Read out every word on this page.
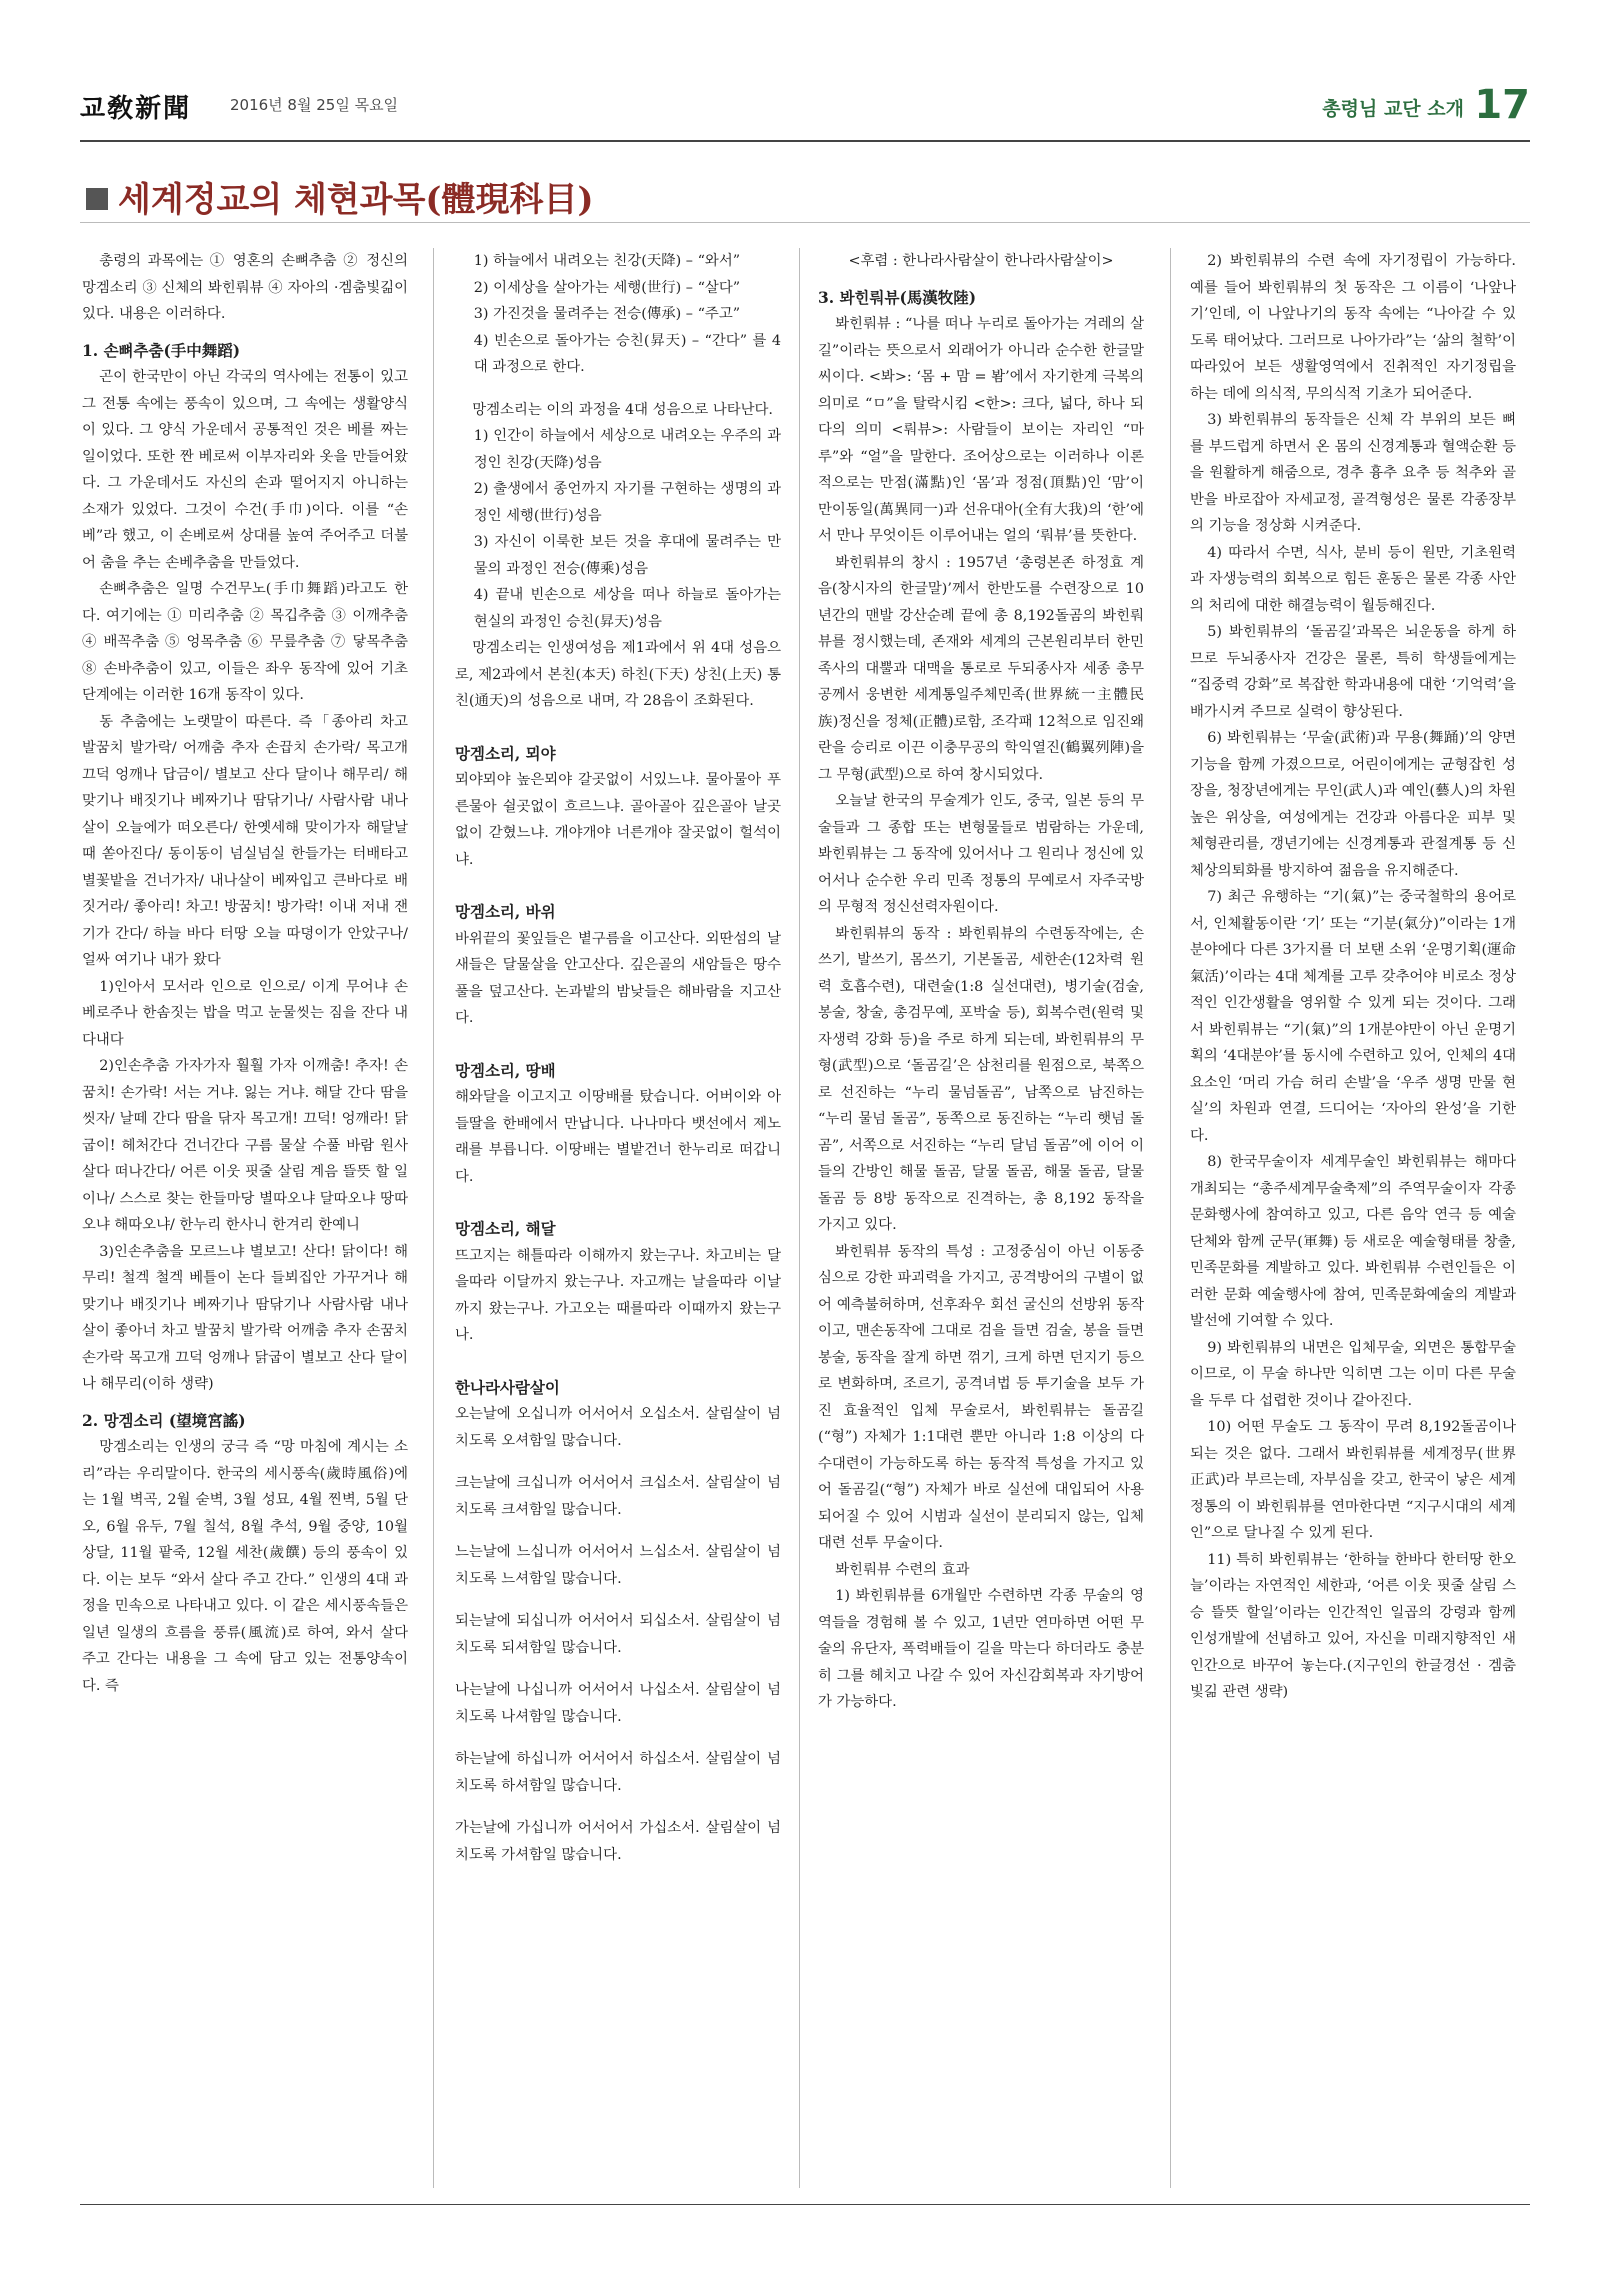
교敎新聞	2016년 8월 25일 목요일	총령님 교단 소개 17
세계정교의 체현과목(體現科目)

총령의 과목에는 ① 영혼의 손뼈추춤 ② 정신의 망겜소리 ③ 신체의 봐힌뤄뷰 ④ 자아의 ·겜춤빛긺이 있다. 내용은 이러하다.

1. 손뼈추춤(手中舞蹈)

곤이 한국만이 아닌 각국의 역사에는 전통이 있고 그 전통 속에는 풍속이 있으며, 그 속에는 생활양식이 있다. 그 양식 가운데서 공통적인 것은 베를 짜는 일이었다. 또한 짠 베로써 이부자리와 옷을 만들어왔다. 그 가운데서도 자신의 손과 떨어지지 아니하는 소재가 있었다. 그것이 수건(手巾)이다. 이를 “손베”라 했고, 이 손베로써 상대를 높여 주어주고 더불어 춤을 추는 손베추춤을 만들었다.

손뼈추춤은 일명 수건무노(手巾舞蹈)라고도 한다. 여기에는 ① 미리추춤 ② 목깁추춤 ③ 이깨추춤 ④ 배꼭추춤 ⑤ 엉목추춤 ⑥ 무릎추춤 ⑦ 닿목추춤 ⑧ 손바추춤이 있고, 이들은 좌우 동작에 있어 기초단계에는 이러한 16개 동작이 있다.

동 추춤에는 노랫말이 따른다. 즉「종아리 차고 발꿈치 발가락/ 어깨춤 추자 손끕치 손가락/ 목고개 끄덕 엉깨나 답금이/ 별보고 산다 달이나 해무리/ 해맞기나 배짓기나 베짜기나 땀닦기나/ 사람사람 내나살이 오늘에가 떠오른다/ 한옛세해 맞이가자 해달날때 쏟아진다/ 동이동이 넘실넘실 한들가는 터배타고 별꽃밭을 건너가자/ 내나살이 베짜입고 큰바다로 배짓거라/ 좋아리! 차고! 방꿈치! 방가락! 이내 저내 잰기가 간다/ 하늘 바다 터땅 오늘 따뎡이가 안았구나/ 얼싸 여기나 내가 왔다

1)인아서 모서라 인으로 인으로/ 이게 무어냐 손베로주나 한솜짓는 밥을 먹고 눈물씻는 짐을 잔다 내다내다

2)인손추춤 가자가자 훨훨 가자 이깨춤! 추자! 손꿈치! 손가락! 서는 거냐. 잃는 거냐. 해달 간다 땀을 씻자/ 날떼 간다 땀을 닦자 목고개! 끄덕! 엉깨라! 닭굽이! 헤처간다 건너간다 구름 물살 수풀 바람 원사살다 떠나간다/ 어른 이웃 핏줄 살림 계음 뜰뜻 할 일이나/ 스스로 찾는 한들마당 별따오냐 달따오냐 땅따오냐 해따오냐/ 한누리 한사니 한겨리 한예니

3)인손추춤을 모르느냐 별보고! 산다! 닭이다! 해무리! 철겍 철겍 베틀이 논다 들뵈집안 가꾸거나 해맞기나 배짓기나 베짜기나 땀닦기나 사람사람 내나살이 좋아너 차고 발꿈치 발가락 어깨춤 추자 손꿈치 손가락 목고개 끄덕 엉깨나 닭굽이 별보고 산다 달이나 해무리(이하 생략)

2. 망겜소리 (望境宮謠)

망겜소리는 인생의 궁극 즉 “망 마침에 계시는 소리”라는 우리말이다. 한국의 세시풍속(歲時風俗)에는 1월 벽곡, 2월 숟벽, 3월 성묘, 4월 찐벽, 5월 단오, 6월 유두, 7월 칠석, 8월 추석, 9월 중양, 10월 상달, 11월 팥죽, 12월 세찬(歲饌) 등의 풍속이 있다. 이는 보두 “와서 살다 주고 간다.” 인생의 4대 과정을 민속으로 나타내고 있다. 이 같은 세시풍속들은 일년 일생의 흐름을 풍류(風流)로 하여, 와서 살다 주고 간다는 내용을 그 속에 담고 있는 전통양속이다. 즉

1) 하늘에서 내려오는 친강(天降) – “와서”

2) 이세상을 살아가는 세행(世行) – “살다”

3) 가진것을 물려주는 전승(傳承) – “주고”

4) 빈손으로 돌아가는 승친(昇天) – “간다” 를 4대 과정으로 한다.

망겜소리는 이의 과정을 4대 성음으로 나타난다.

1) 인간이 하늘에서 세상으로 내려오는 우주의 과정인 친강(天降)성음

2) 출생에서 종언까지 자기를 구현하는 생명의 과정인 세행(世行)성음

3) 자신이 이룩한 보든 것을 후대에 물려주는 만물의 과정인 전승(傳乘)성음

4) 끝내 빈손으로 세상을 떠나 하늘로 돌아가는 현실의 과정인 승친(昇天)성음

망겜소리는 인생여성음 제1과에서 위 4대 성음으로, 제2과에서 본친(本天) 하친(下天) 상친(上天) 통친(通天)의 성음으로 내며, 각 28음이 조화된다.

망겜소리, 뫼야

뫼야뫼야 높은뫼야 갈곳없이 서있느냐. 물아물아 푸른물아 쉴곳없이 흐르느냐. 골아골아 깊은골아 날곳없이 갇혔느냐. 개야개야 너른개야 잘곳없이 헐석이냐.

망겜소리, 바위

바위끝의 꽃잎들은 볕구름을 이고산다. 외딴섬의 날새들은 달물살을 안고산다. 깊은골의 새암들은 땅수풀을 덮고산다. 논과밭의 밤낮들은 해바람을 지고산다.

망겜소리, 땅배

해와달을 이고지고 이땅배를 탔습니다. 어버이와 아들딸을 한배에서 만납니다. 나나마다 뱃선에서 제노래를 부릅니다. 이땅배는 별밭건너 한누리로 떠갑니다.

망겜소리, 해달

뜨고지는 해틀따라 이해까지 왔는구나. 차고비는 달을따라 이달까지 왔는구나. 자고깨는 날을따라 이날까지 왔는구나. 가고오는 때를따라 이때까지 왔는구나.

한나라사람살이

오는날에 오십니까 어서어서 오십소서. 살림살이 넘치도록 오셔함일 많습니다.

크는날에 크십니까 어서어서 크십소서. 살림살이 넘치도록 크셔함일 많습니다.

느는날에 느십니까 어서어서 느십소서. 살림살이 넘치도록 느셔함일 많습니다.

되는날에 되십니까 어서어서 되십소서. 살림살이 넘치도록 되셔함일 많습니다.

나는날에 나십니까 어서어서 나십소서. 살림살이 넘치도록 나셔함일 많습니다.

하는날에 하십니까 어서어서 하십소서. 살림살이 넘치도록 하셔함일 많습니다.

가는날에 가십니까 어서어서 가십소서. 살림살이 넘치도록 가셔함일 많습니다.

<후렴 : 한나라사람살이 한나라사람살이>

3. 봐힌뤄뷰(馬漢牧陸)

봐힌뤄뷰 : “나를 떠나 누리로 돌아가는 겨레의 살길”이라는 뜻으로서 외래어가 아니라 순수한 한글말씨이다. <봐>: ‘몸 + 맘 = 봠’에서 자기한계 극복의 의미로 “ㅁ”을 탈락시킴 <한>: 크다, 넓다, 하나 되다의 의미 <뤄뷰>: 사람들이 보이는 자리인 “마루”와 “얼”을 말한다. 조어상으로는 이러하나 이론적으로는 만점(滿點)인 ‘몸’과 정점(頂點)인 ‘맘’이 만이동일(萬異同一)과 선유대아(全有大我)의 ‘한’에서 만나 무엇이든 이루어내는 얼의 ‘뤄뷰’를 뜻한다.

봐힌뤄뷰의 창시 : 1957년 ‘총령본존 하정효 계음(창시자의 한글말)’께서 한반도를 수련장으로 10년간의 맨발 강산순례 끝에 총 8,192돌곰의 봐힌뤄뷰를 정시했는데, 존재와 세계의 근본원리부터 한민족사의 대뿔과 대맥을 통로로 두되종사자 세종 총무공께서 웅변한 세계통일주체민족(世界統一主體民族)정신을 정체(正體)로함, 조각패 12척으로 임진왜란을 승리로 이끈 이충무공의 학익열진(鶴翼列陣)을 그 무형(武型)으로 하여 창시되었다.

오늘날 한국의 무술계가 인도, 중국, 일본 등의 무술들과 그 종합 또는 변형물들로 범람하는 가운데, 봐힌뤄뷰는 그 동작에 있어서나 그 원리나 정신에 있어서나 순수한 우리 민족 정통의 무예로서 자주국방의 무형적 정신선력자원이다.

봐힌뤄뷰의 동작 : 봐힌뤄뷰의 수련동작에는, 손쓰기, 발쓰기, 몸쓰기, 기본돌곰, 세한손(12차력 원력 호흡수련), 대련술(1:8 실선대련), 병기술(검술, 봉술, 창술, 총검무예, 포박술 등), 회복수련(원력 및 자생력 강화 등)을 주로 하게 되는데, 봐힌뤄뷰의 무형(武型)으로 ‘돌곰길’은 삼천리를 원점으로, 북쪽으로 선진하는 “누리 물넘돌곰”, 남쪽으로 남진하는 “누리 물넘 돌곰”, 동쪽으로 동진하는 “누리 햇넘 돌곰”, 서쪽으로 서진하는 “누리 달넘 돌곰”에 이어 이들의 간방인 해물 돌곰, 달물 돌곰, 해물 돌곰, 달물 돌곰 등 8방 동작으로 진격하는, 총 8,192 동작을 가지고 있다.

봐힌뤄뷰 동작의 특성 : 고정중심이 아닌 이동중심으로 강한 파괴력을 가지고, 공격방어의 구별이 없어 예측불허하며, 선후좌우 회선 굴신의 선방위 동작이고, 맨손동작에 그대로 검을 들면 검술, 봉을 들면 봉술, 동작을 잘게 하면 꺾기, 크게 하면 던지기 등으로 변화하며, 조르기, 공격녀법 등 투기술을 보두 가진 효율적인 입체 무술로서, 봐힌뤄뷰는 돌곰길(“형”) 자체가 1:1대련 뿐만 아니라 1:8 이상의 다수대련이 가능하도록 하는 동작적 특성을 가지고 있어 돌곰길(“형”) 자체가 바로 실선에 대입되어 사용되어질 수 있어 시범과 실선이 분리되지 않는, 입체 대련 선투 무술이다.

봐힌뤄뷰 수련의 효과

1) 봐힌뤄뷰를 6개월만 수련하면 각종 무술의 영역들을 경험해 볼 수 있고, 1년만 연마하면 어떤 무술의 유단자, 폭력배들이 길을 막는다 하더라도 충분히 그를 헤치고 나갈 수 있어 자신감회복과 자기방어가 가능하다.

2) 봐힌뤄뷰의 수련 속에 자기정립이 가능하다. 예를 들어 봐힌뤄뷰의 첫 동작은 그 이름이 ‘나앞나기’인데, 이 나앞나기의 동작 속에는 “나아갈 수 있도록 태어났다. 그러므로 나아가라”는 ‘삶의 철학’이 따라있어 보든 생활영역에서 진취적인 자기정립을 하는 데에 의식적, 무의식적 기초가 되어준다.

3) 봐힌뤄뷰의 동작들은 신체 각 부위의 보든 뼈를 부드럽게 하면서 온 몸의 신경계통과 혈액순환 등을 원활하게 해줌으로, 경추 흉추 요추 등 척추와 골반을 바로잡아 자세교정, 골격형성은 물론 각종장부의 기능을 정상화 시켜준다.

4) 따라서 수면, 식사, 분비 등이 원만, 기초원력과 자생능력의 회복으로 힘든 훈동은 물론 각종 사안의 처리에 대한 해결능력이 월등해진다.

5) 봐힌뤄뷰의 ‘돌곰길’과목은 뇌운동을 하게 하므로 두뇌종사자 건강은 물론, 특히 학생들에게는 “집중력 강화”로 복잡한 학과내용에 대한 ‘기억력’을 배가시켜 주므로 실력이 향상된다.

6) 봐힌뤄뷰는 ‘무술(武術)과 무용(舞踊)’의 양면기능을 함께 가졌으므로, 어린이에게는 균형잡힌 성장을, 청장년에게는 무인(武人)과 예인(藝人)의 차원높은 위상을, 여성에게는 건강과 아름다운 피부 및 체형관리를, 갱년기에는 신경계통과 관절계통 등 신체상의퇴화를 방지하여 젊음을 유지해준다.

7) 최근 유행하는 “기(氣)”는 중국철학의 용어로서, 인체활동이란 ‘기’ 또는 “기분(氣分)”이라는 1개분야에다 다른 3가지를 더 보탠 소위 ‘운명기획(運命氣活)’이라는 4대 체계를 고루 갖추어야 비로소 정상적인 인간생활을 영위할 수 있게 되는 것이다. 그래서 봐힌뤄뷰는 “기(氣)”의 1개분야만이 아닌 운명기획의 ‘4대분야’를 동시에 수련하고 있어, 인체의 4대요소인 ‘머리 가슴 허리 손발’을 ‘우주 생명 만물 현실’의 차원과 연결, 드디어는 ‘자아의 완성’을 기한다.

8) 한국무술이자 세계무술인 봐힌뤄뷰는 해마다 개최되는 “총주세계무술축제”의 주역무술이자 각종 문화행사에 참여하고 있고, 다른 음악 연극 등 예술단체와 함께 군무(軍舞) 등 새로운 예술형태를 창출, 민족문화를 계발하고 있다. 봐힌뤄뷰 수련인들은 이러한 문화 예술행사에 참여, 민족문화예술의 계발과 발선에 기여할 수 있다.

9) 봐힌뤄뷰의 내면은 입체무술, 외면은 통합무술이므로, 이 무술 하나만 익히면 그는 이미 다른 무술을 두루 다 섭렵한 것이나 같아진다.

10) 어떤 무술도 그 동작이 무려 8,192돌곰이나 되는 것은 없다. 그래서 봐힌뤄뷰를 세계정무(世界正武)라 부르는데, 자부심을 갖고, 한국이 낳은 세계정통의 이 봐힌뤄뷰를 연마한다면 “지구시대의 세계인”으로 달나질 수 있게 된다.

11) 특히 봐힌뤄뷰는 ‘한하늘 한바다 한터땅 한오늘’이라는 자연적인 세한과, ‘어른 이웃 핏줄 살림 스승 뜰뜻 할일’이라는 인간적인 일곱의 강령과 함께 인성개발에 선념하고 있어, 자신을 미래지향적인 새 인간으로 바꾸어 놓는다.(지구인의 한글경선 · 겜춤빛긺 관련 생략)
